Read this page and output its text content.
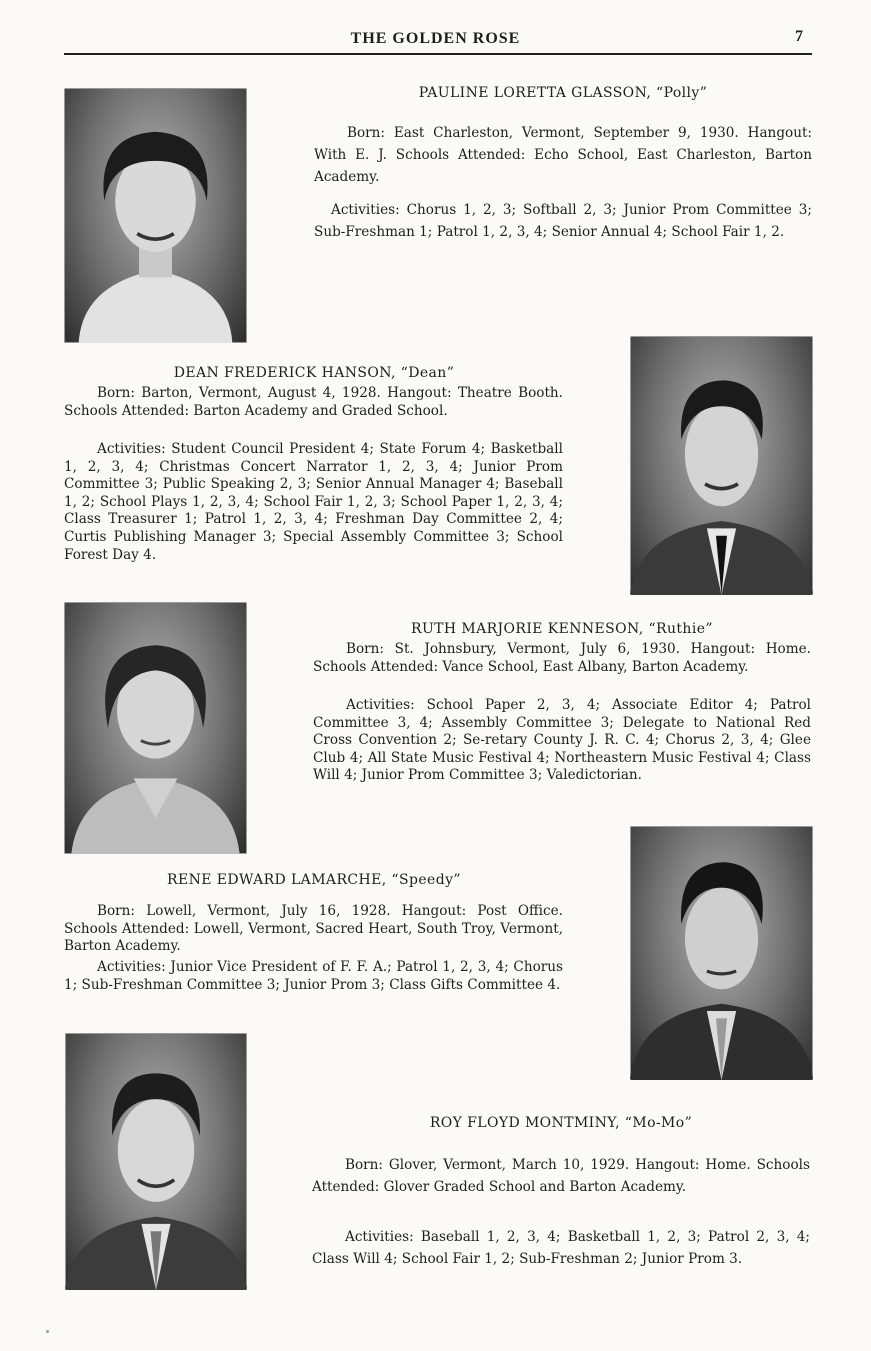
THE GOLDEN ROSE	7
PAULINE LORETTA GLASSON, “Polly”

Born: East Charleston, Vermont, September 9, 1930. Hangout: With E. J. Schools Attended: Echo School, East Charleston, Barton Academy.

Activities: Chorus 1, 2, 3; Softball 2, 3; Junior Prom Committee 3; Sub-Freshman 1; Patrol 1, 2, 3, 4; Senior Annual 4; School Fair 1, 2.

DEAN FREDERICK HANSON, “Dean”

Born: Barton, Vermont, August 4, 1928. Hangout: Theatre Booth. Schools Attended: Barton Academy and Graded School.

Activities: Student Council President 4; State Forum 4; Basketball 1, 2, 3, 4; Christmas Concert Narrator 1, 2, 3, 4; Junior Prom Committee 3; Public Speaking 2, 3; Senior Annual Manager 4; Baseball 1, 2; School Plays 1, 2, 3, 4; School Fair 1, 2, 3; School Paper 1, 2, 3, 4; Class Treasurer 1; Patrol 1, 2, 3, 4; Freshman Day Committee 2, 4; Curtis Publishing Manager 3; Special Assembly Committee 3; School Forest Day 4.

RUTH MARJORIE KENNESON, “Ruthie”

Born: St. Johnsbury, Vermont, July 6, 1930. Hangout: Home. Schools Attended: Vance School, East Albany, Barton Academy.

Activities: School Paper 2, 3, 4; Associate Editor 4; Patrol Committee 3, 4; Assembly Committee 3; Delegate to National Red Cross Convention 2; Se-retary County J. R. C. 4; Chorus 2, 3, 4; Glee Club 4; All State Music Festival 4; Northeastern Music Festival 4; Class Will 4; Junior Prom Committee 3; Valedictorian.

RENE EDWARD LAMARCHE, “Speedy”

Born: Lowell, Vermont, July 16, 1928. Hangout: Post Office. Schools Attended: Lowell, Vermont, Sacred Heart, South Troy, Vermont, Barton Academy.

Activities: Junior Vice President of F. F. A.; Patrol 1, 2, 3, 4; Chorus 1; Sub-Freshman Committee 3; Junior Prom 3; Class Gifts Committee 4.

ROY FLOYD MONTMINY, “Mo-Mo”

Born: Glover, Vermont, March 10, 1929. Hangout: Home. Schools Attended: Glover Graded School and Barton Academy.

Activities: Baseball 1, 2, 3, 4; Basketball 1, 2, 3; Patrol 2, 3, 4; Class Will 4; School Fair 1, 2; Sub-Freshman 2; Junior Prom 3.
